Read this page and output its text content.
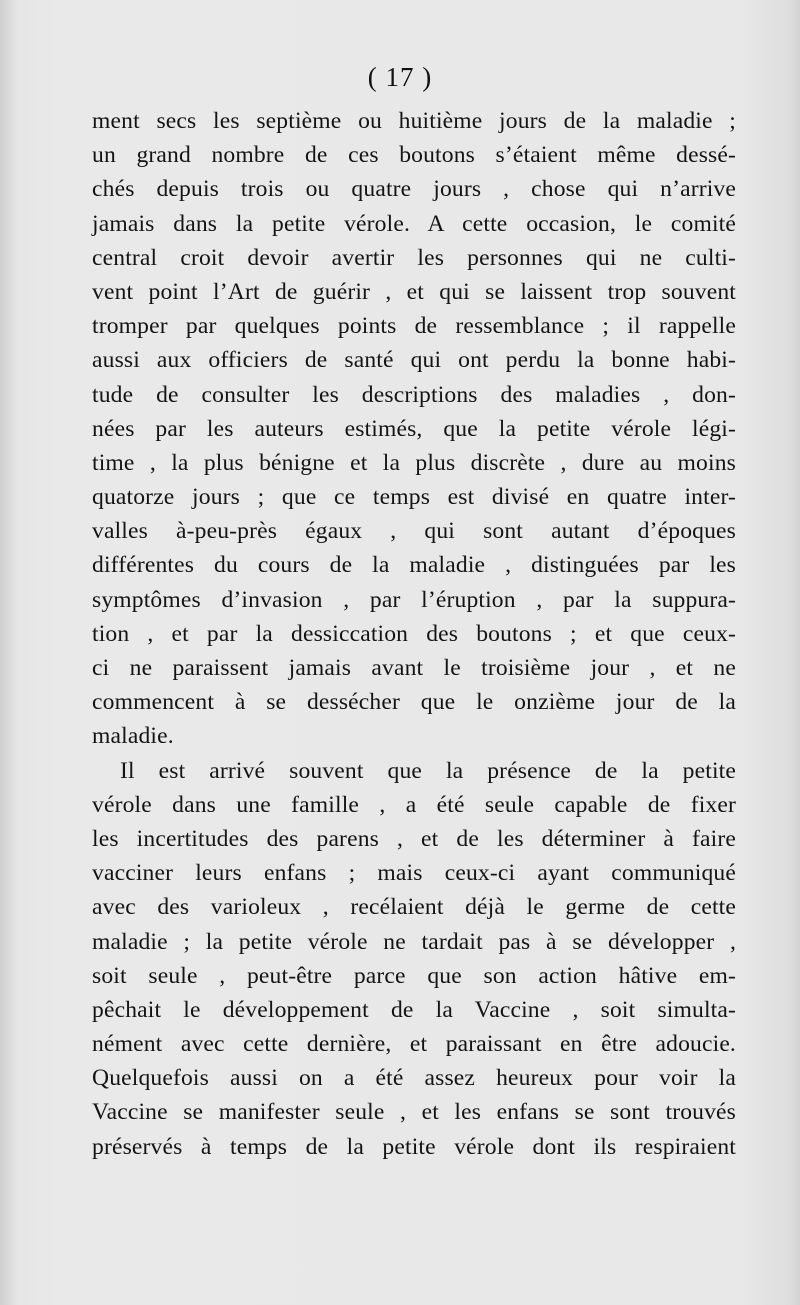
( 17 )
ment secs les septième ou huitième jours de la maladie ;
un grand nombre de ces boutons s’étaient même dessé-
chés depuis trois ou quatre jours , chose qui n’arrive
jamais dans la petite vérole. A cette occasion, le comité
central croit devoir avertir les personnes qui ne culti-
vent point l’Art de guérir , et qui se laissent trop souvent
tromper par quelques points de ressemblance ; il rappelle
aussi aux officiers de santé qui ont perdu la bonne habi-
tude de consulter les descriptions des maladies , don-
nées par les auteurs estimés, que la petite vérole légi-
time , la plus bénigne et la plus discrète , dure au moins
quatorze jours ; que ce temps est divisé en quatre inter-
valles à-peu-près égaux , qui sont autant d’époques
différentes du cours de la maladie , distinguées par les
symptômes d’invasion , par l’éruption , par la suppura-
tion , et par la dessiccation des boutons ; et que ceux-
ci ne paraissent jamais avant le troisième jour , et ne
commencent à se dessécher que le onzième jour de la
maladie.
Il est arrivé souvent que la présence de la petite
vérole dans une famille , a été seule capable de fixer
les incertitudes des parens , et de les déterminer à faire
vacciner leurs enfans ; mais ceux-ci ayant communiqué
avec des varioleux , recélaient déjà le germe de cette
maladie ; la petite vérole ne tardait pas à se développer ,
soit seule , peut-être parce que son action hâtive em-
pêchait le développement de la Vaccine , soit simulta-
nément avec cette dernière, et paraissant en être adoucie.
Quelquefois aussi on a été assez heureux pour voir la
Vaccine se manifester seule , et les enfans se sont trouvés
préservés à temps de la petite vérole dont ils respiraient
